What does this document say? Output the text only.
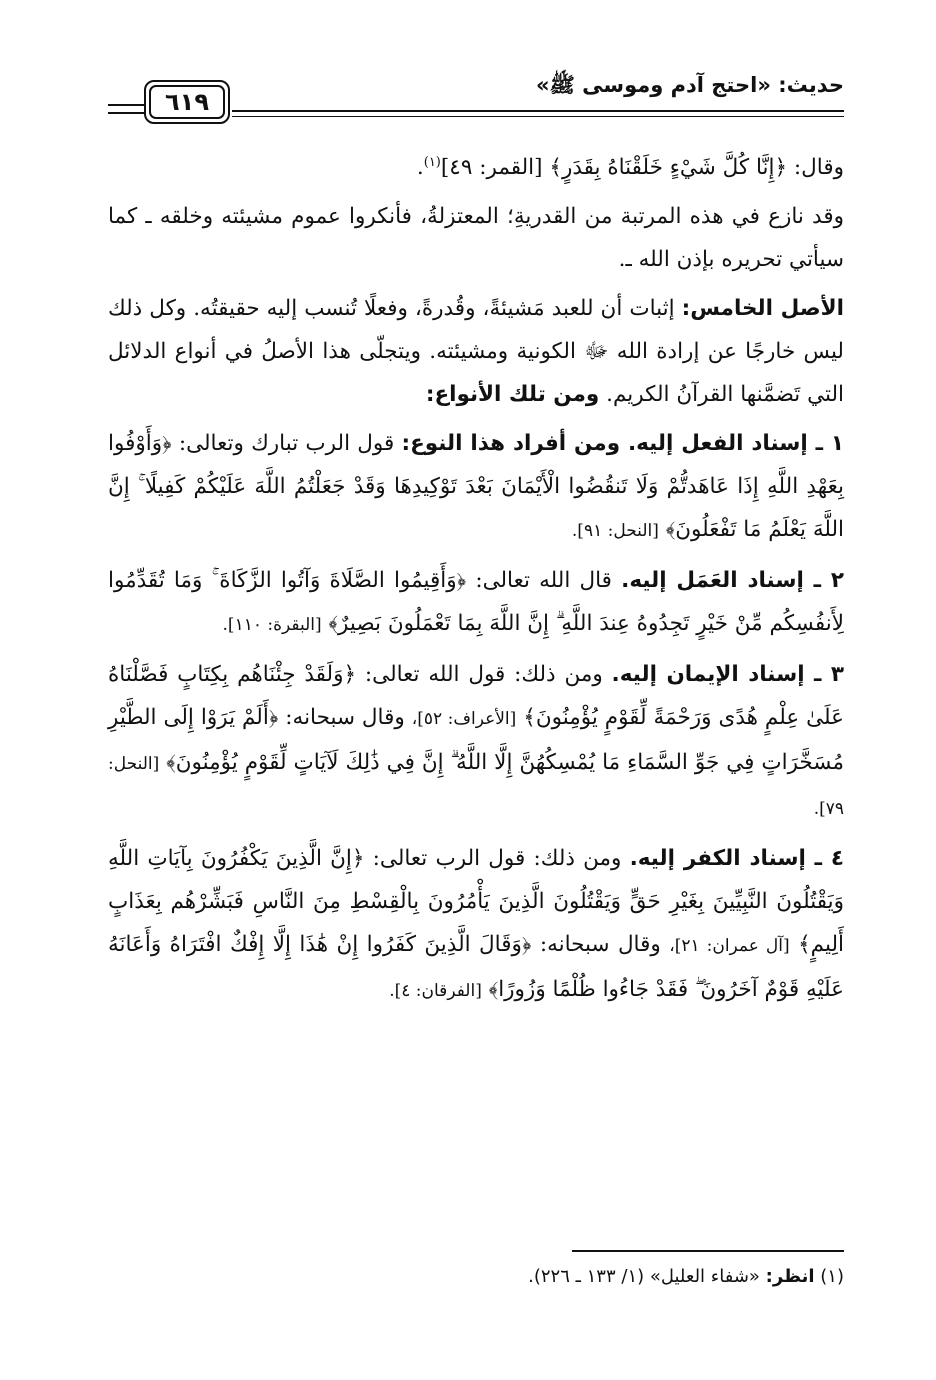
حديث: «احتج آدم وموسى ﷺ»
٦١٩

وقال: ﴿إِنَّا كُلَّ شَيْءٍ خَلَقْنَاهُ بِقَدَرٍ﴾ [القمر: ٤٩]$^{(١)}$.

وقد نازع في هذه المرتبة من القدريةِ؛ المعتزلةُ، فأنكروا عموم مشيئته وخلقه ـ كما سيأتي تحريره بإذن الله ـ.

الأصل الخامس: إثبات أن للعبد مَشيئةً، وقُدرةً، وفعلًا تُنسب إليه حقيقتُه. وكل ذلك ليس خارجًا عن إرادة الله ﷻ الكونية ومشيئته. ويتجلّى هذا الأصلُ في أنواع الدلائل التي تَضمَّنها القرآنُ الكريم. ومن تلك الأنواع:

١ ـ إسناد الفعل إليه. ومن أفراد هذا النوع: قول الرب تبارك وتعالى: ﴿وَأَوْفُوا بِعَهْدِ اللَّهِ إِذَا عَاهَدتُّمْ وَلَا تَنقُضُوا الْأَيْمَانَ بَعْدَ تَوْكِيدِهَا وَقَدْ جَعَلْتُمُ اللَّهَ عَلَيْكُمْ كَفِيلًا ۚ إِنَّ اللَّهَ يَعْلَمُ مَا تَفْعَلُونَ﴾ [النحل: ٩١].

٢ ـ إسناد العَمَل إليه. قال الله تعالى: ﴿وَأَقِيمُوا الصَّلَاةَ وَآتُوا الزَّكَاةَ ۚ وَمَا تُقَدِّمُوا لِأَنفُسِكُم مِّنْ خَيْرٍ تَجِدُوهُ عِندَ اللَّهِ ۗ إِنَّ اللَّهَ بِمَا تَعْمَلُونَ بَصِيرٌ﴾ [البقرة: ١١٠].

٣ ـ إسناد الإيمان إليه. ومن ذلك: قول الله تعالى: ﴿وَلَقَدْ جِئْنَاهُم بِكِتَابٍ فَصَّلْنَاهُ عَلَىٰ عِلْمٍ هُدًى وَرَحْمَةً لِّقَوْمٍ يُؤْمِنُونَ﴾ [الأعراف: ٥٢]، وقال سبحانه: ﴿أَلَمْ يَرَوْا إِلَى الطَّيْرِ مُسَخَّرَاتٍ فِي جَوِّ السَّمَاءِ مَا يُمْسِكُهُنَّ إِلَّا اللَّهُ ۗ إِنَّ فِي ذَٰلِكَ لَآيَاتٍ لِّقَوْمٍ يُؤْمِنُونَ﴾ [النحل: ٧٩].

٤ ـ إسناد الكفر إليه. ومن ذلك: قول الرب تعالى: ﴿إِنَّ الَّذِينَ يَكْفُرُونَ بِآيَاتِ اللَّهِ وَيَقْتُلُونَ النَّبِيِّينَ بِغَيْرِ حَقٍّ وَيَقْتُلُونَ الَّذِينَ يَأْمُرُونَ بِالْقِسْطِ مِنَ النَّاسِ فَبَشِّرْهُم بِعَذَابٍ أَلِيمٍ﴾ [آل عمران: ٢١]، وقال سبحانه: ﴿وَقَالَ الَّذِينَ كَفَرُوا إِنْ هَٰذَا إِلَّا إِفْكٌ افْتَرَاهُ وَأَعَانَهُ عَلَيْهِ قَوْمٌ آخَرُونَ ۖ فَقَدْ جَاءُوا ظُلْمًا وَزُورًا﴾ [الفرقان: ٤].

(١) انظر: «شفاء العليل» (١/ ١٣٣ ـ ٢٢٦).
